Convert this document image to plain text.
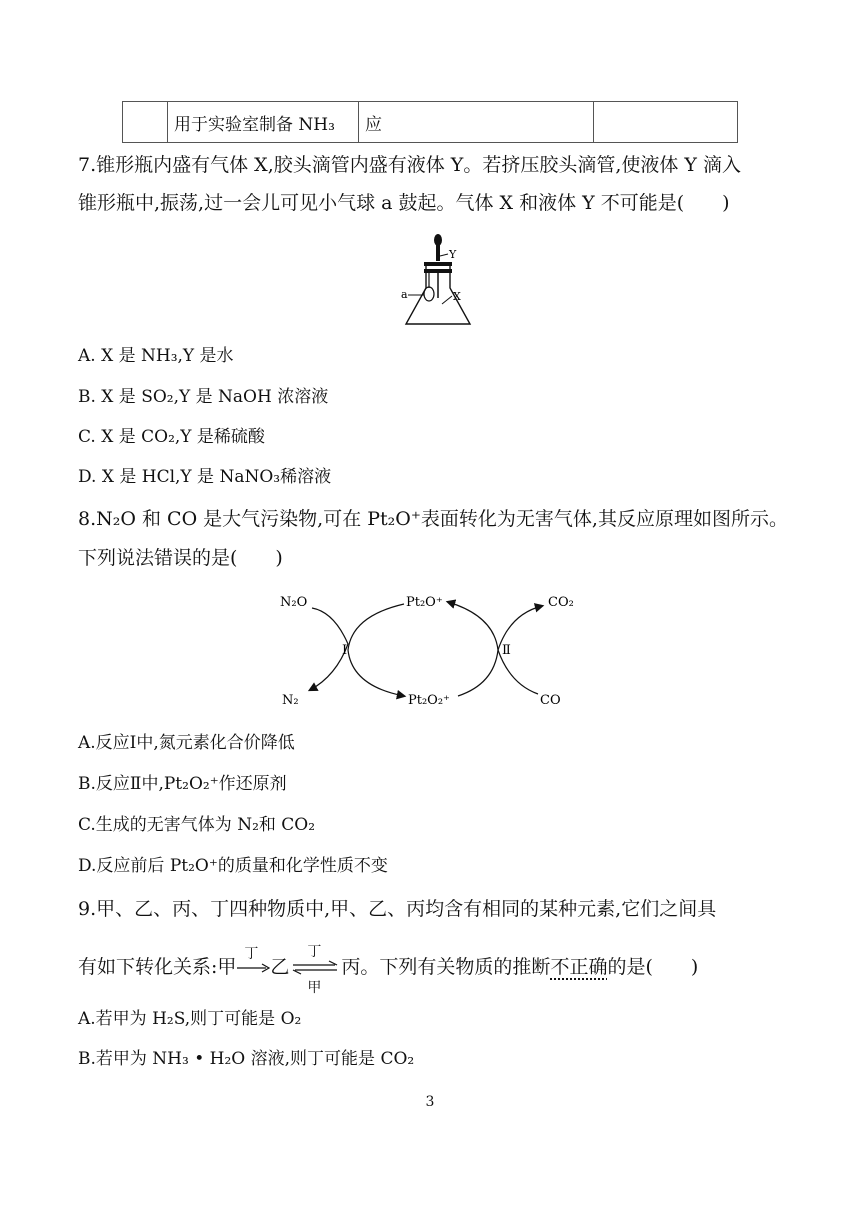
	用于实验室制备 NH₃	应	
7.锥形瓶内盛有气体 X,胶头滴管内盛有液体 Y。若挤压胶头滴管,使液体 Y 滴入
锥形瓶中,振荡,过一会儿可见小气球 a 鼓起。气体 X 和液体 Y 不可能是(　　)
Y
a	X
A. X 是 NH₃,Y 是水
B. X 是 SO₂,Y 是 NaOH 浓溶液
C. X 是 CO₂,Y 是稀硫酸
D. X 是 HCl,Y 是 NaNO₃稀溶液
8.N₂O 和 CO 是大气污染物,可在 Pt₂O⁺表面转化为无害气体,其反应原理如图所示。
下列说法错误的是(　　)
N₂O
N₂
Pt₂O⁺
Pt₂O₂⁺
CO₂
CO
Ⅰ	Ⅱ
A.反应Ⅰ中,氮元素化合价降低
B.反应Ⅱ中,Pt₂O₂⁺作还原剂
C.生成的无害气体为 N₂和 CO₂
D.反应前后 Pt₂O⁺的质量和化学性质不变
9.甲、乙、丙、丁四种物质中,甲、乙、丙均含有相同的某种元素,它们之间具
有如下转化关系:甲
丁
乙
丁
甲
丙。下列有关物质的推断不正确的是(　　)
A.若甲为 H₂S,则丁可能是 O₂
B.若甲为 NH₃ • H₂O 溶液,则丁可能是 CO₂
3
